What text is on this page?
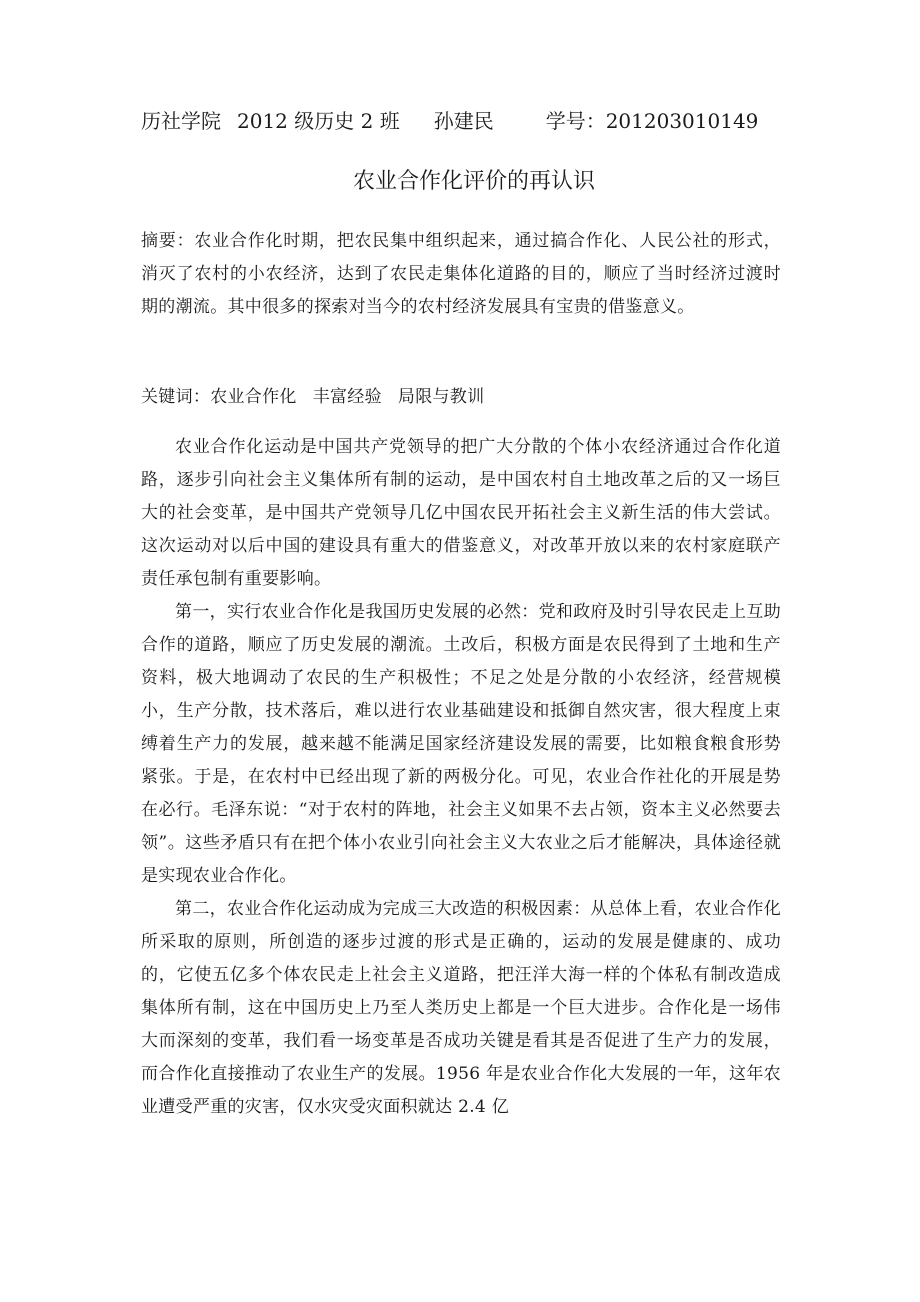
历社学院 2012 级历史 2 班 孙建民	学号：201203010149
农业合作化评价的再认识
摘要：农业合作化时期，把农民集中组织起来，通过搞合作化、人民公社的形式，消灭了农村的小农经济，达到了农民走集体化道路的目的，顺应了当时经济过渡时期的潮流。其中很多的探索对当今的农村经济发展具有宝贵的借鉴意义。
关键词：农业合作化 丰富经验 局限与教训

农业合作化运动是中国共产党领导的把广大分散的个体小农经济通过合作化道路，逐步引向社会主义集体所有制的运动，是中国农村自土地改革之后的又一场巨大的社会变革，是中国共产党领导几亿中国农民开拓社会主义新生活的伟大尝试。这次运动对以后中国的建设具有重大的借鉴意义，对改革开放以来的农村家庭联产责任承包制有重要影响。

第一，实行农业合作化是我国历史发展的必然：党和政府及时引导农民走上互助合作的道路，顺应了历史发展的潮流。土改后，积极方面是农民得到了土地和生产资料，极大地调动了农民的生产积极性；不足之处是分散的小农经济，经营规模小，生产分散，技术落后，难以进行农业基础建设和抵御自然灾害，很大程度上束缚着生产力的发展，越来越不能满足国家经济建设发展的需要，比如粮食粮食形势紧张。于是，在农村中已经出现了新的两极分化。可见，农业合作社化的开展是势在必行。毛泽东说：“对于农村的阵地，社会主义如果不去占领，资本主义必然要去领”。这些矛盾只有在把个体小农业引向社会主义大农业之后才能解决，具体途径就是实现农业合作化。

第二，农业合作化运动成为完成三大改造的积极因素：从总体上看，农业合作化所采取的原则，所创造的逐步过渡的形式是正确的，运动的发展是健康的、成功的，它使五亿多个体农民走上社会主义道路，把汪洋大海一样的个体私有制改造成集体所有制，这在中国历史上乃至人类历史上都是一个巨大进步。合作化是一场伟大而深刻的变革，我们看一场变革是否成功关键是看其是否促进了生产力的发展，而合作化直接推动了农业生产的发展。1956 年是农业合作化大发展的一年，这年农业遭受严重的灾害，仅水灾受灾面积就达 2.4 亿
